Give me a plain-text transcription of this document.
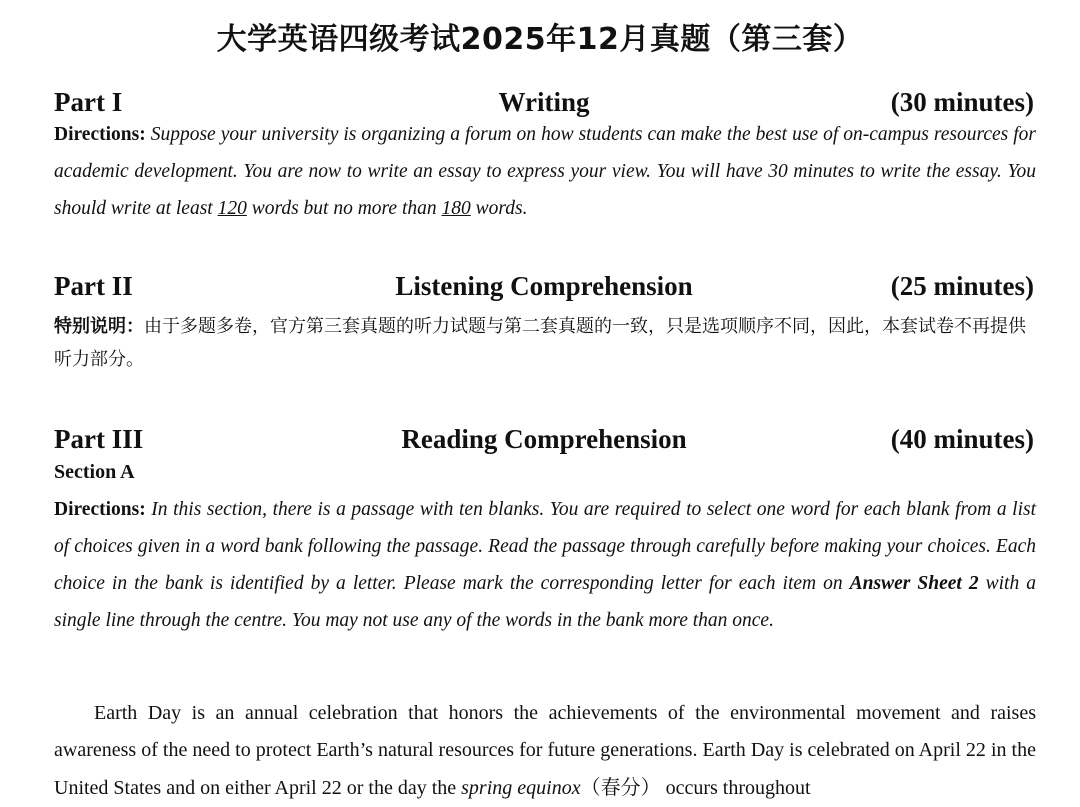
大学英语四级考试2025年12月真题（第三套）
Part I	Writing	(30 minutes)
Directions: Suppose your university is organizing a forum on how students can make the best use of on-campus resources for academic development. You are now to write an essay to express your view. You will have 30 minutes to write the essay. You should write at least 120 words but no more than 180 words.
Part II	Listening Comprehension	(25 minutes)
特别说明：由于多题多卷，官方第三套真题的听力试题与第二套真题的一致，只是选项顺序不同，因此，本套试卷不再提供听力部分。
Part III	Reading Comprehension	(40 minutes)
Section A
Directions: In this section, there is a passage with ten blanks. You are required to select one word for each blank from a list of choices given in a word bank following the passage. Read the passage through carefully before making your choices. Each choice in the bank is identified by a letter. Please mark the corresponding letter for each item on Answer Sheet 2 with a single line through the centre. You may not use any of the words in the bank more than once.
Earth Day is an annual celebration that honors the achievements of the environmental movement and raises awareness of the need to protect Earth’s natural resources for future generations. Earth Day is celebrated on April 22 in the United States and on either April 22 or the day the spring equinox（春分） occurs throughout
